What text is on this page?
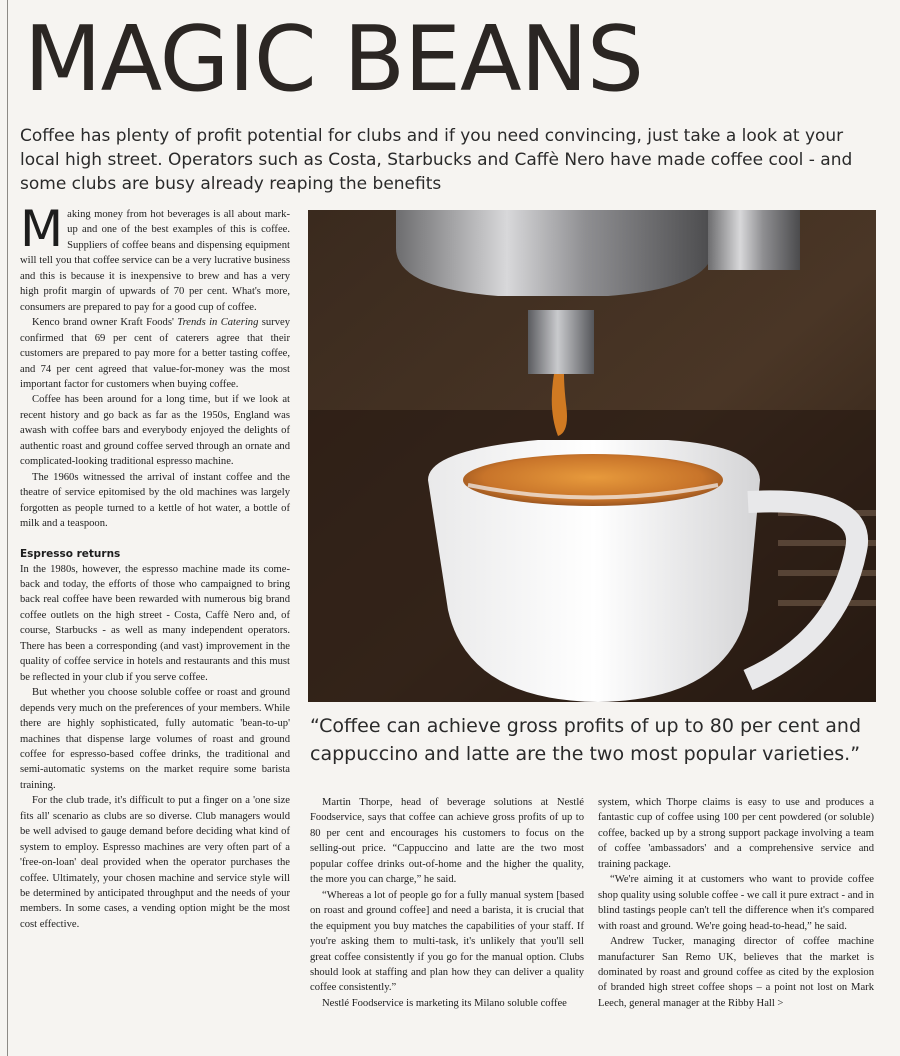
MAGIC BEANS

Coffee has plenty of profit potential for clubs and if you need convincing, just take a look at your local high street. Operators such as Costa, Starbucks and Caffè Nero have made coffee cool - and some clubs are busy already reaping the benefits

Making money from hot beverages is all about mark-up and one of the best examples of this is coffee. Suppliers of coffee beans and dispensing equipment will tell you that coffee service can be a very lucrative business and this is because it is inexpensive to brew and has a very high profit margin of upwards of 70 per cent. What's more, consumers are prepared to pay for a good cup of coffee.

Kenco brand owner Kraft Foods' Trends in Catering survey confirmed that 69 per cent of caterers agree that their customers are prepared to pay more for a better tasting coffee, and 74 per cent agreed that value-for-money was the most important factor for customers when buying coffee.

Coffee has been around for a long time, but if we look at recent history and go back as far as the 1950s, England was awash with coffee bars and everybody enjoyed the delights of authentic roast and ground coffee served through an ornate and complicated-looking traditional espresso machine.

The 1960s witnessed the arrival of instant coffee and the theatre of service epitomised by the old machines was largely forgotten as people turned to a kettle of hot water, a bottle of milk and a teaspoon.

Espresso returns

In the 1980s, however, the espresso machine made its come-back and today, the efforts of those who campaigned to bring back real coffee have been rewarded with numerous big brand coffee outlets on the high street - Costa, Caffè Nero and, of course, Starbucks - as well as many independent operators. There has been a corresponding (and vast) improvement in the quality of coffee service in hotels and restaurants and this must be reflected in your club if you serve coffee.

But whether you choose soluble coffee or roast and ground depends very much on the preferences of your members. While there are highly sophisticated, fully automatic 'bean-to-up' machines that dispense large volumes of roast and ground coffee for espresso-based coffee drinks, the traditional and semi-automatic systems on the market require some barista training.

For the club trade, it's difficult to put a finger on a 'one size fits all' scenario as clubs are so diverse. Club managers would be well advised to gauge demand before deciding what kind of system to employ. Espresso machines are very often part of a 'free-on-loan' deal provided when the operator purchases the coffee. Ultimately, your chosen machine and service style will be determined by anticipated throughput and the needs of your members. In some cases, a vending option might be the most cost effective.

“Coffee can achieve gross profits of up to 80 per cent and cappuccino and latte are the two most popular varieties.”

Martin Thorpe, head of beverage solutions at Nestlé Foodservice, says that coffee can achieve gross profits of up to 80 per cent and encourages his customers to focus on the selling-out price. “Cappuccino and latte are the two most popular coffee drinks out-of-home and the higher the quality, the more you can charge,” he said.

“Whereas a lot of people go for a fully manual system [based on roast and ground coffee] and need a barista, it is crucial that the equipment you buy matches the capabilities of your staff. If you're asking them to multi-task, it's unlikely that you'll sell great coffee consistently if you go for the manual option. Clubs should look at staffing and plan how they can deliver a quality coffee consistently.”

Nestlé Foodservice is marketing its Milano soluble coffee

system, which Thorpe claims is easy to use and produces a fantastic cup of coffee using 100 per cent powdered (or soluble) coffee, backed up by a strong support package involving a team of coffee 'ambassadors' and a comprehensive service and training package.

“We're aiming it at customers who want to provide coffee shop quality using soluble coffee - we call it pure extract - and in blind tastings people can't tell the difference when it's compared with roast and ground. We're going head-to-head,” he said.

Andrew Tucker, managing director of coffee machine manufacturer San Remo UK, believes that the market is dominated by roast and ground coffee as cited by the explosion of branded high street coffee shops – a point not lost on Mark Leech, general manager at the Ribby Hall >
